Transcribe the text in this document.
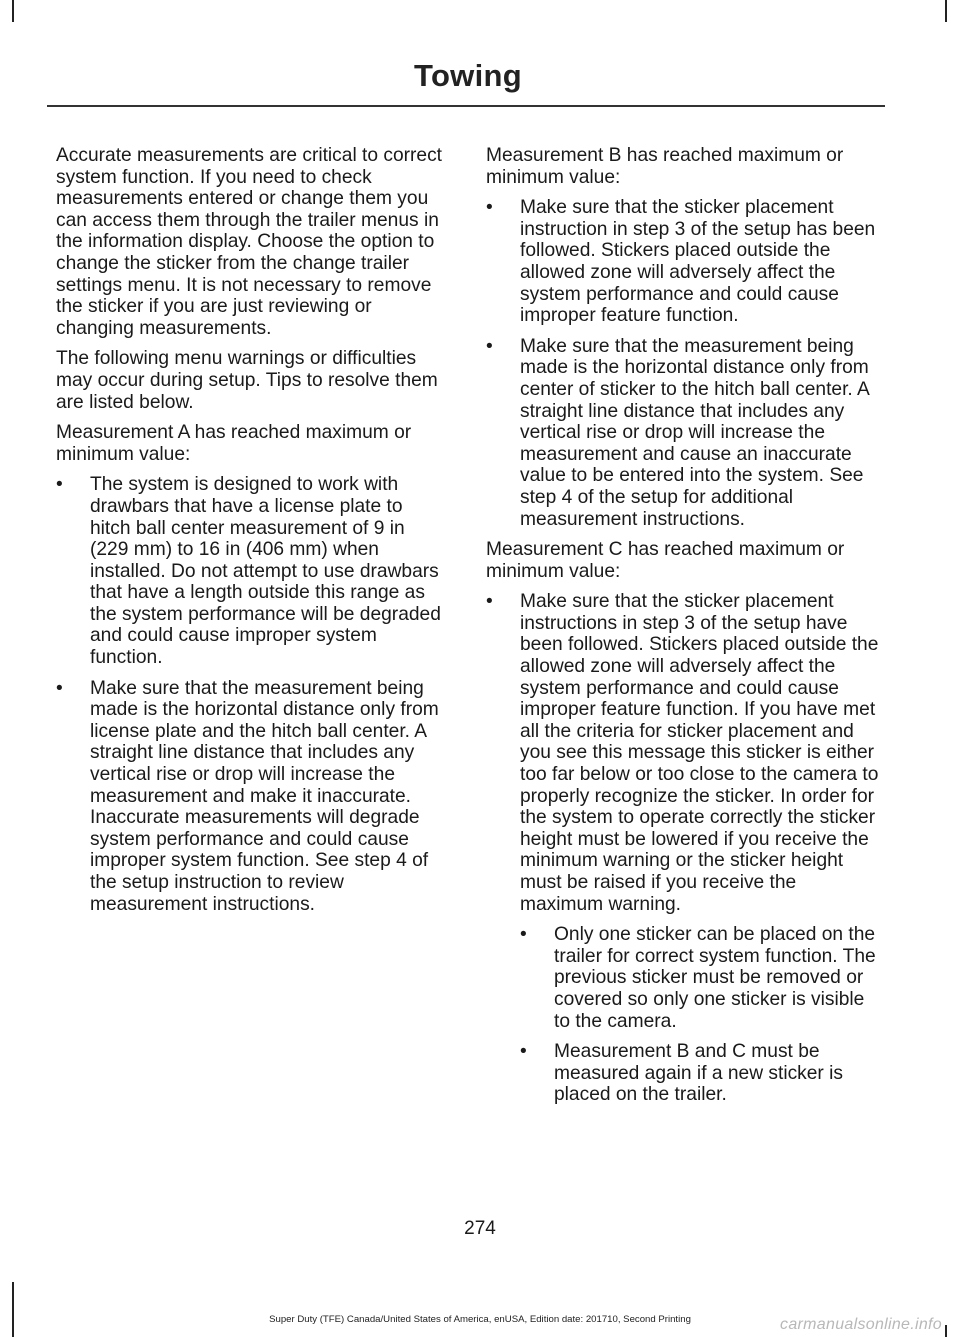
Towing

Accurate measurements are critical to correct system function. If you need to check measurements entered or change them you can access them through the trailer menus in the information display. Choose the option to change the sticker from the change trailer settings menu. It is not necessary to remove the sticker if you are just reviewing or changing measurements.

The following menu warnings or difficulties may occur during setup. Tips to resolve them are listed below.

Measurement A has reached maximum or minimum value:

•	The system is designed to work with drawbars that have a license plate to hitch ball center measurement of 9 in (229 mm) to 16 in (406 mm) when installed. Do not attempt to use drawbars that have a length outside this range as the system performance will be degraded and could cause improper system function.
•	Make sure that the measurement being made is the horizontal distance only from license plate and the hitch ball center. A straight line distance that includes any vertical rise or drop will increase the measurement and make it inaccurate. Inaccurate measurements will degrade system performance and could cause improper system function. See step 4 of the setup instruction to review measurement instructions.

Measurement B has reached maximum or minimum value:

•	Make sure that the sticker placement instruction in step 3 of the setup has been followed. Stickers placed outside the allowed zone will adversely affect the system performance and could cause improper feature function.
•	Make sure that the measurement being made is the horizontal distance only from center of sticker to the hitch ball center. A straight line distance that includes any vertical rise or drop will increase the measurement and cause an inaccurate value to be entered into the system. See step 4 of the setup for additional measurement instructions.

Measurement C has reached maximum or minimum value:

•	Make sure that the sticker placement instructions in step 3 of the setup have been followed. Stickers placed outside the allowed zone will adversely affect the system performance and could cause improper feature function. If you have met all the criteria for sticker placement and you see this message this sticker is either too far below or too close to the camera to properly recognize the sticker. In order for the system to operate correctly the sticker height must be lowered if you receive the minimum warning or the sticker height must be raised if you receive the maximum warning.
•	Only one sticker can be placed on the trailer for correct system function. The previous sticker must be removed or covered so only one sticker is visible to the camera.
•	Measurement B and C must be measured again if a new sticker is placed on the trailer.

274

Super Duty (TFE) Canada/United States of America, enUSA, Edition date: 201710, Second Printing	carmanualsonline.info
